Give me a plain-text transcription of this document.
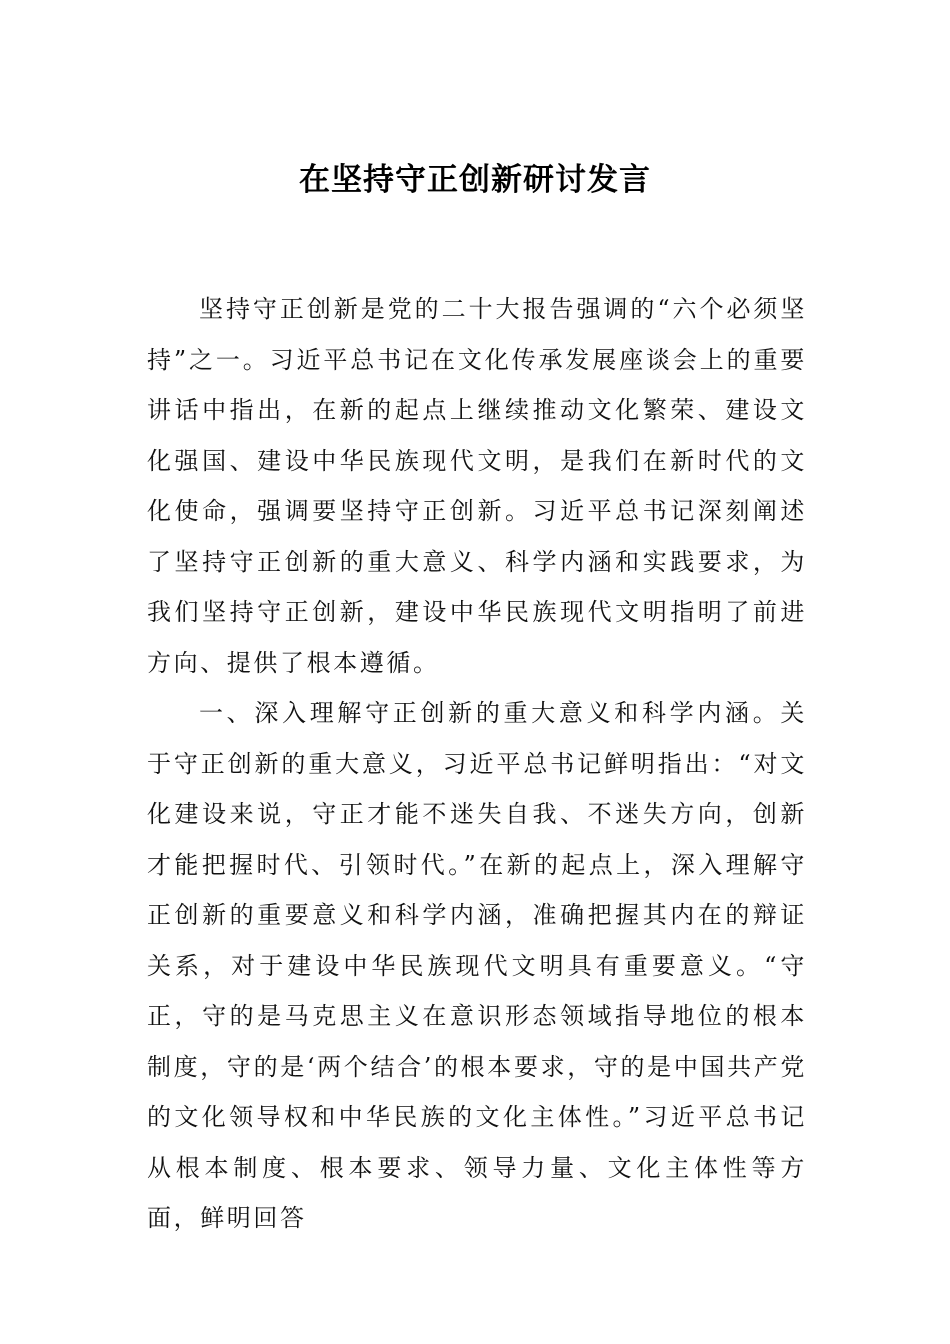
在坚持守正创新研讨发言

坚持守正创新是党的二十大报告强调的“六个必须坚持”之一。习近平总书记在文化传承发展座谈会上的重要讲话中指出，在新的起点上继续推动文化繁荣、建设文化强国、建设中华民族现代文明，是我们在新时代的文化使命，强调要坚持守正创新。习近平总书记深刻阐述了坚持守正创新的重大意义、科学内涵和实践要求，为我们坚持守正创新，建设中华民族现代文明指明了前进方向、提供了根本遵循。

一、深入理解守正创新的重大意义和科学内涵。关于守正创新的重大意义，习近平总书记鲜明指出：“对文化建设来说，守正才能不迷失自我、不迷失方向，创新才能把握时代、引领时代。”在新的起点上，深入理解守正创新的重要意义和科学内涵，准确把握其内在的辩证关系，对于建设中华民族现代文明具有重要意义。“守正，守的是马克思主义在意识形态领域指导地位的根本制度，守的是‘两个结合’的根本要求，守的是中国共产党的文化领导权和中华民族的文化主体性。”习近平总书记从根本制度、根本要求、领导力量、文化主体性等方面，鲜明回答
